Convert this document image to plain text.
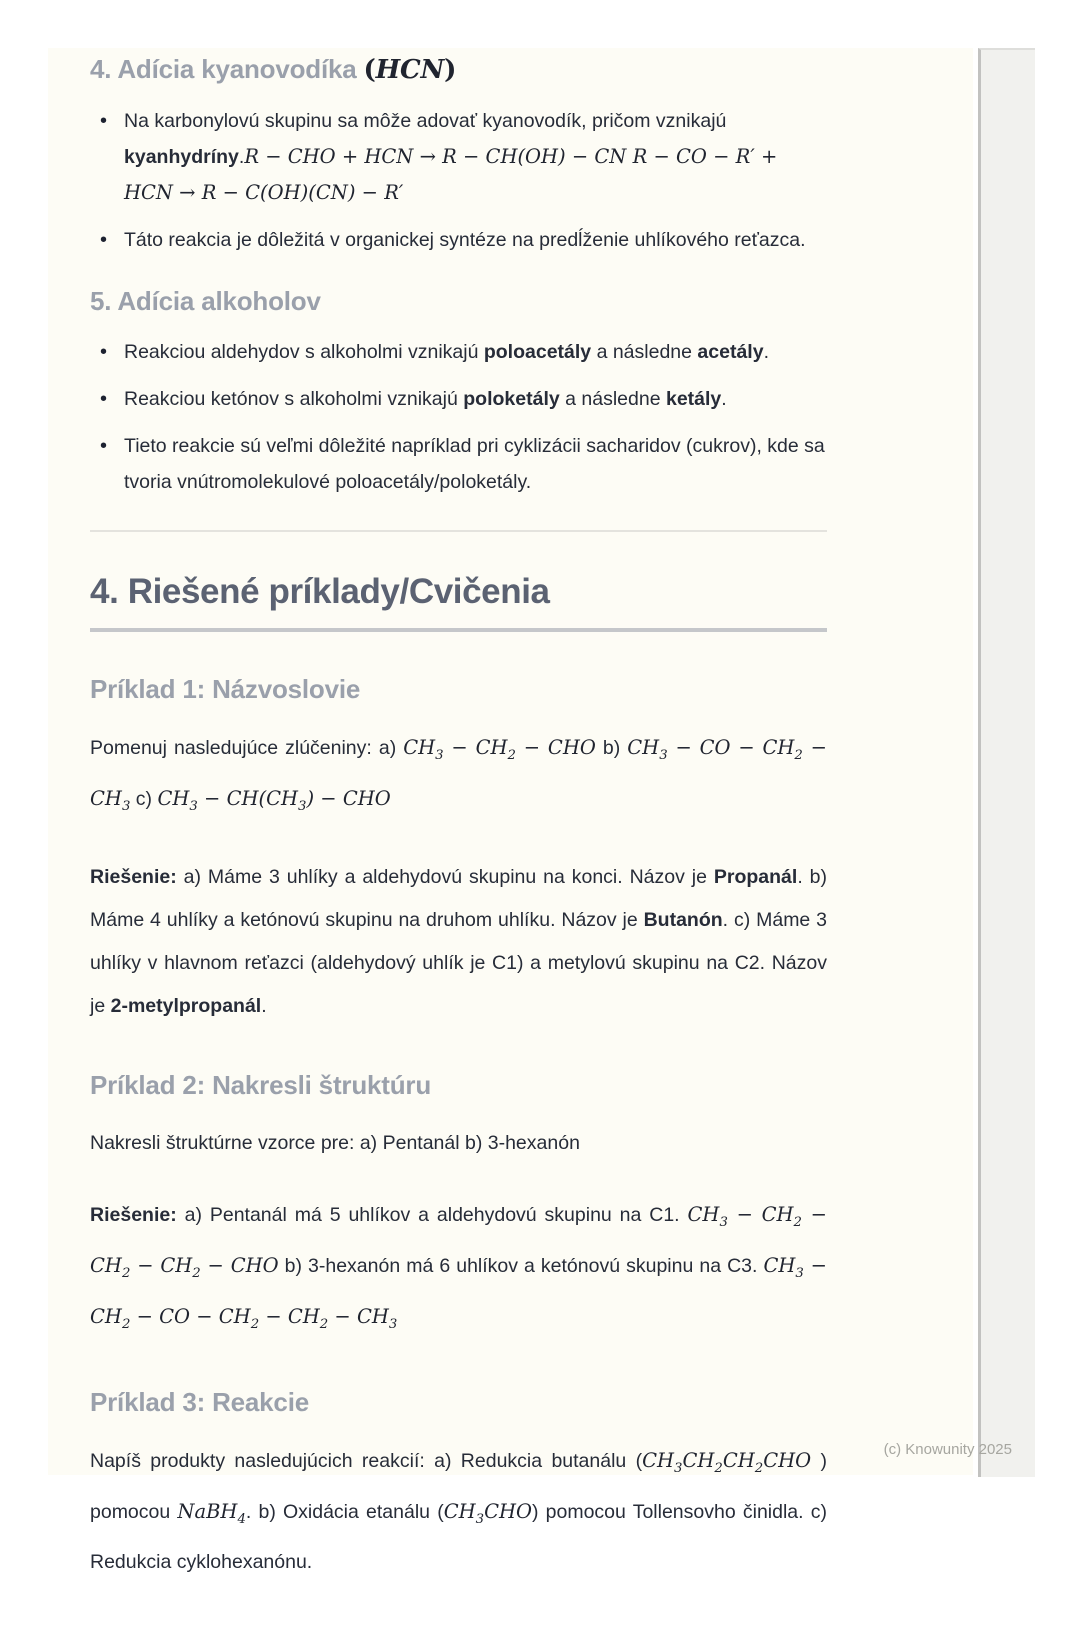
4. Adícia kyanovodíka (HCN)
• Na karbonylovú skupinu sa môže adovať kyanovodík, pričom vznikajú kyanhydríny.R − CHO + HCN → R − CH(OH) − CN R − CO − R′ + HCN → R − C(OH)(CN) − R′
• Táto reakcia je dôležitá v organickej syntéze na predĺženie uhlíkového reťazca.
5. Adícia alkoholov
• Reakciou aldehydov s alkoholmi vznikajú poloacetály a následne acetály.
• Reakciou ketónov s alkoholmi vznikajú poloketály a následne ketály.
• Tieto reakcie sú veľmi dôležité napríklad pri cyklizácii sacharidov (cukrov), kde sa tvoria vnútromolekulové poloacetály/poloketály.
4. Riešené príklady/Cvičenia
Príklad 1: Názvoslovie

Pomenuj nasledujúce zlúčeniny: a) $CH_3 - CH_2$ − CHO b) $CH_3$ − CO − $CH_2 - CH_3$ c) $CH_3 - CH(CH_3)$ − CHO

Riešenie: a) Máme 3 uhlíky a aldehydovú skupinu na konci. Názov je Propanál. b) Máme 4 uhlíky a ketónovú skupinu na druhom uhlíku. Názov je Butanón. c) Máme 3 uhlíky v hlavnom reťazci (aldehydový uhlík je C1) a metylovú skupinu na C2. Názov je 2-metylpropanál.

Príklad 2: Nakresli štruktúru

Nakresli štruktúrne vzorce pre: a) Pentanál b) 3-hexanón

Riešenie: a) Pentanál má 5 uhlíkov a aldehydovú skupinu na C1. $CH_3 - CH_2 - CH_2 - CH_2$ − CHO b) 3-hexanón má 6 uhlíkov a ketónovú skupinu na C3. $CH_3 - CH_2$ − CO − $CH_2 - CH_2 - CH_3$

Príklad 3: Reakcie

Napíš produkty nasledujúcich reakcií: a) Redukcia butanálu ($CH_3CH_2CH_2CHO$ ) pomocou NaBH$_4$. b) Oxidácia etanálu $(CH_3CHO)$ pomocou Tollensovho činidla. c) Redukcia cyklohexanónu.

(c) Knowunity 2025
